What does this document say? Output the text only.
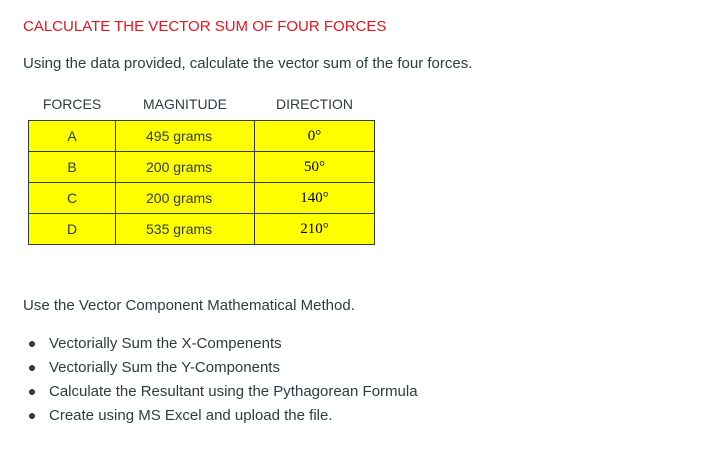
CALCULATE THE VECTOR SUM OF FOUR FORCES
Using the data provided, calculate the vector sum of the four forces.
FORCES	MAGNITUDE	DIRECTION
A	495 grams	0°
B	200 grams	50°
C	200 grams	140°
D	535 grams	210°
Use the Vector Component Mathematical Method.
Vectorially Sum the X-Compenents
Vectorially Sum the Y-Components
Calculate the Resultant using the Pythagorean Formula
Create using MS Excel and upload the file.
